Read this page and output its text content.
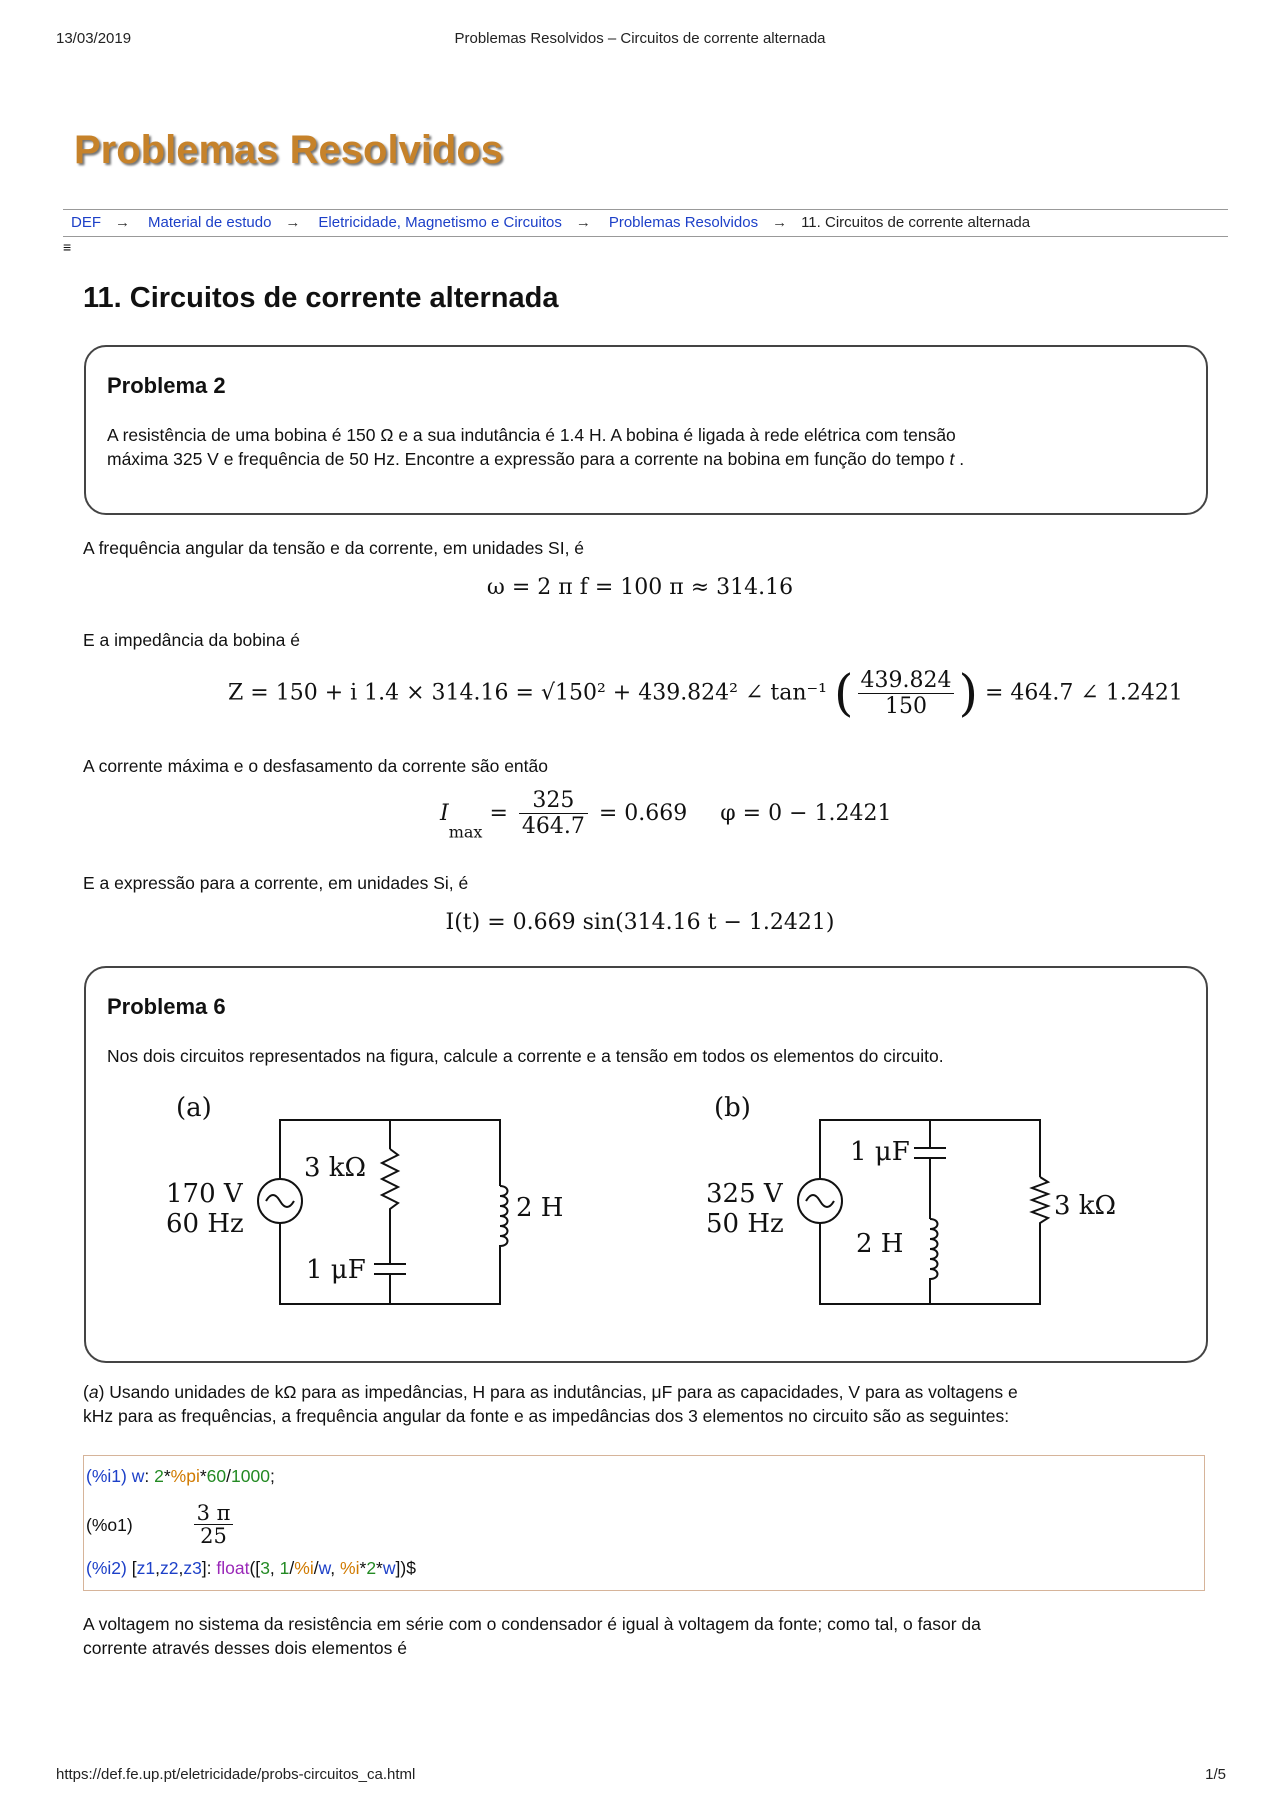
13/03/2019	Problemas Resolvidos – Circuitos de corrente alternada
Problemas Resolvidos
DEF → Material de estudo → Eletricidade, Magnetismo e Circuitos → Problemas Resolvidos → 11. Circuitos de corrente alternada
≡
11. Circuitos de corrente alternada
Problema 2
A resistência de uma bobina é 150 Ω e a sua indutância é 1.4 H. A bobina é ligada à rede elétrica com tensão
máxima 325 V e frequência de 50 Hz. Encontre a expressão para a corrente na bobina em função do tempo t .
A frequência angular da tensão e da corrente, em unidades SI, é
ω = 2 π f = 100 π ≈ 314.16
E a impedância da bobina é
Z = 150 + i 1.4 × 314.16 = √150² + 439.824² ∠ tan⁻¹ ( $\frac{439.824}{150}$ ) = 464.7 ∠ 1.2421
A corrente máxima e o desfasamento da corrente são então
$I_{max} = \frac{325}{464.7} = 0.669$ φ = 0 − 1.2421
E a expressão para a corrente, em unidades Si, é
I(t) = 0.669 sin(314.16 t − 1.2421)
Problema 6
Nos dois circuitos representados na figura, calcule a corrente e a tensão em todos os elementos do circuito.
(a)
170 V
60 Hz
3 kΩ
1 μF
2 H
(b)
325 V
50 Hz
1 μF
2 H
3 kΩ
(a) Usando unidades de kΩ para as impedâncias, H para as indutâncias, μF para as capacidades, V para as voltagens e
kHz para as frequências, a frequência angular da fonte e as impedâncias dos 3 elementos no circuito são as seguintes:
(%i1) w: 2*%pi*60/1000;
(%o1)	$\frac{3 \pi}{25}$
(%i2) [z1,z2,z3]: float([3, 1/%i/w, %i*2*w])$
A voltagem no sistema da resistência em série com o condensador é igual à voltagem da fonte; como tal, o fasor da
corrente através desses dois elementos é
https://def.fe.up.pt/eletricidade/probs-circuitos_ca.html	1/5
